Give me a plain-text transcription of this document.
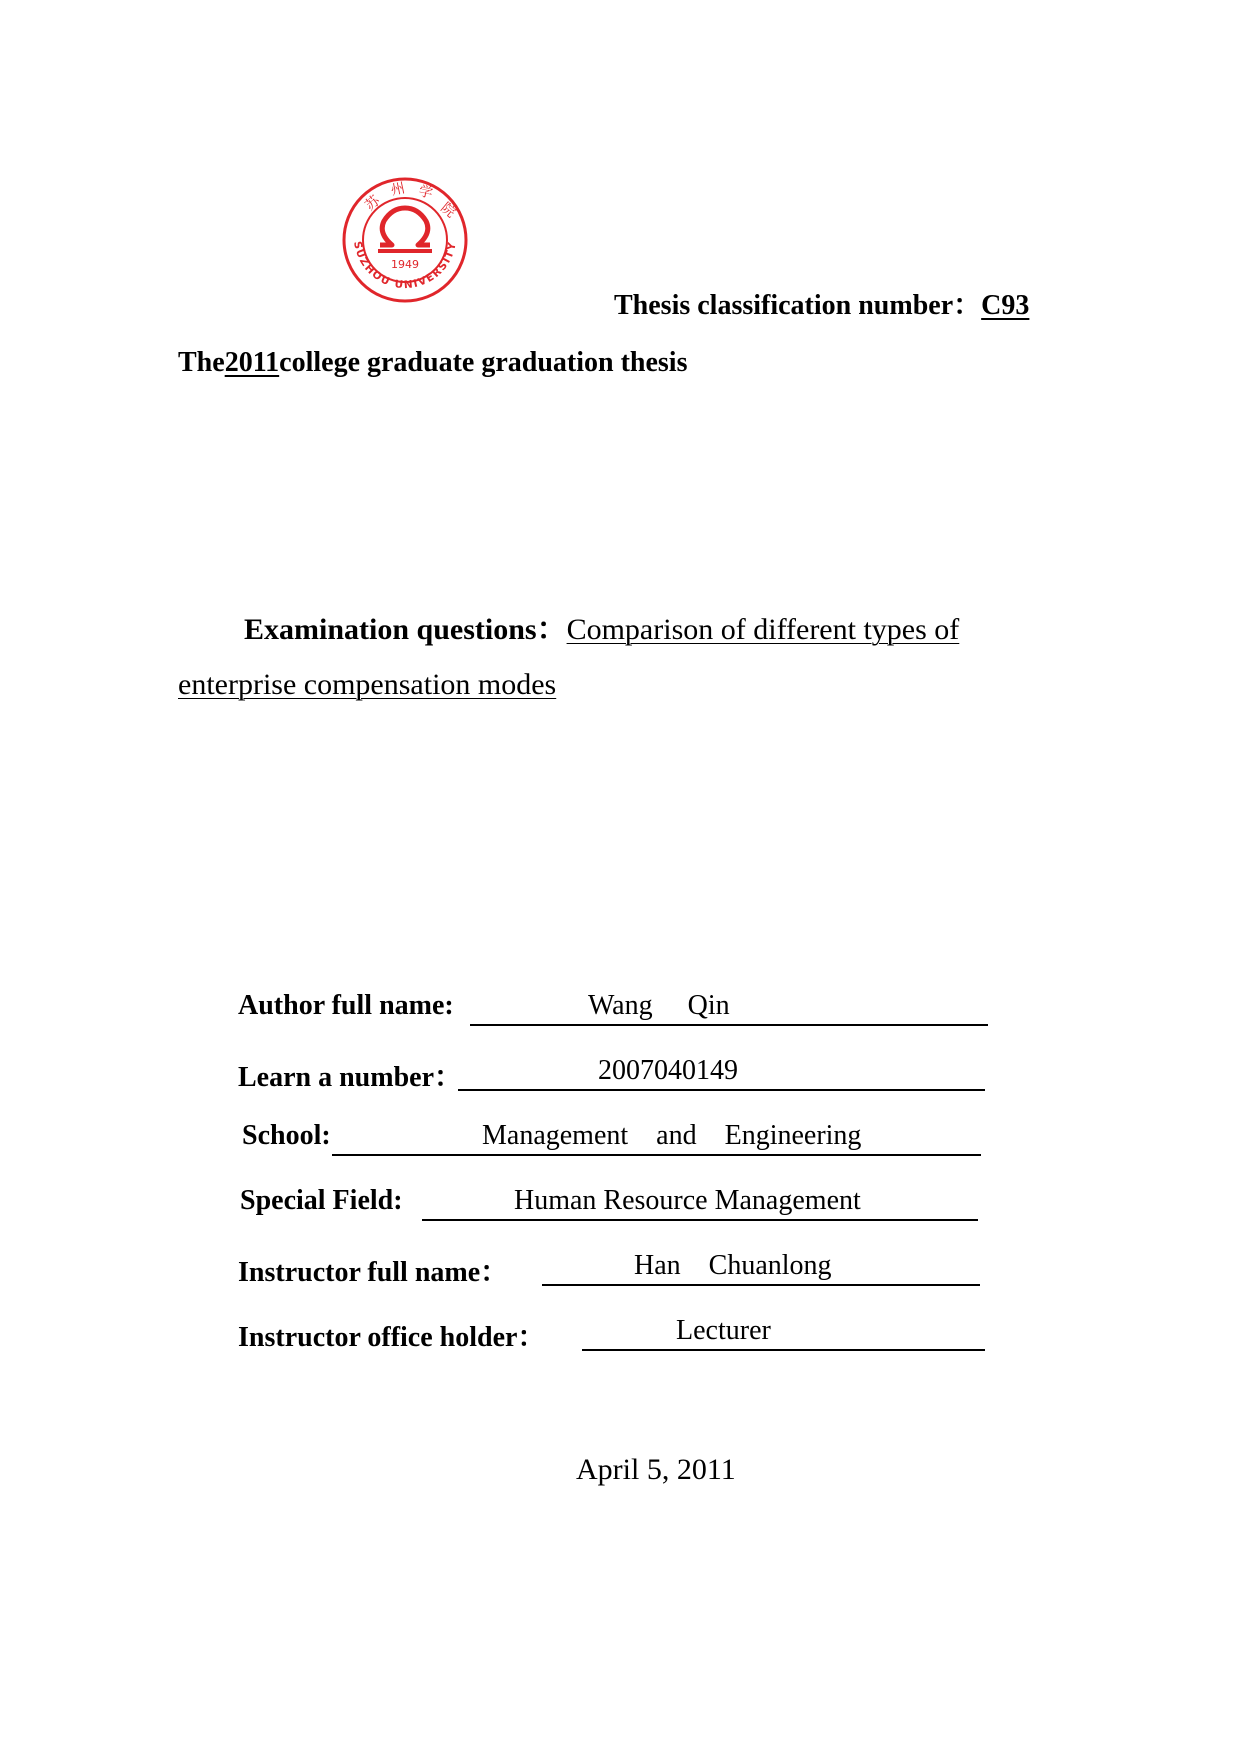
1949
苏
州 学
院
SUZHOU UNIVERSITY
Thesis classification number：C93
The2011college graduate graduation thesis
Examination questions：Comparison of different types of
enterprise compensation modes
Author full name:	Wang     Qin
Learn a number：	2007040149
School:	Management    and    Engineering
Special Field:	Human Resource Management
Instructor full name：	Han    Chuanlong
Instructor office holder：	Lecturer
April 5, 2011
